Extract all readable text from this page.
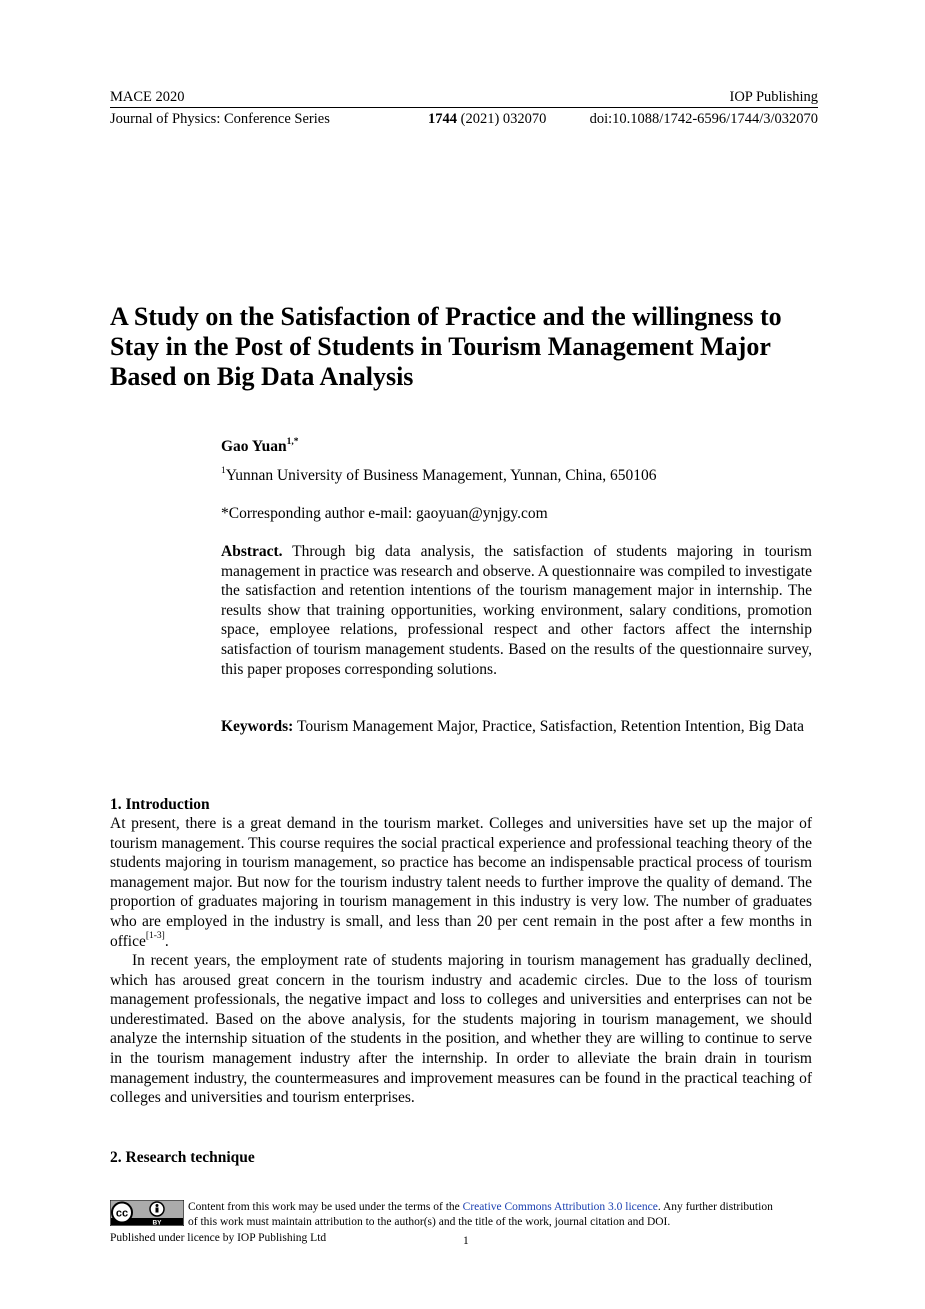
MACE 2020	IOP Publishing
Journal of Physics: Conference Series	1744 (2021) 032070	doi:10.1088/1742-6596/1744/3/032070
A Study on the Satisfaction of Practice and the willingness to Stay in the Post of Students in Tourism Management Major Based on Big Data Analysis
Gao Yuan$^{1,*}$
$^1$Yunnan University of Business Management, Yunnan, China, 650106
*Corresponding author e-mail: gaoyuan@ynjgy.com
Abstract. Through big data analysis, the satisfaction of students majoring in tourism management in practice was research and observe. A questionnaire was compiled to investigate the satisfaction and retention intentions of the tourism management major in internship. The results show that training opportunities, working environment, salary conditions, promotion space, employee relations, professional respect and other factors affect the internship satisfaction of tourism management students. Based on the results of the questionnaire survey, this paper proposes corresponding solutions.
Keywords: Tourism Management Major, Practice, Satisfaction, Retention Intention, Big Data
1. Introduction
At present, there is a great demand in the tourism market. Colleges and universities have set up the major of tourism management. This course requires the social practical experience and professional teaching theory of the students majoring in tourism management, so practice has become an indispensable practical process of tourism management major. But now for the tourism industry talent needs to further improve the quality of demand. The proportion of graduates majoring in tourism management in this industry is very low. The number of graduates who are employed in the industry is small, and less than 20 per cent remain in the post after a few months in office[1-3].
In recent years, the employment rate of students majoring in tourism management has gradually declined, which has aroused great concern in the tourism industry and academic circles. Due to the loss of tourism management professionals, the negative impact and loss to colleges and universities and enterprises can not be underestimated. Based on the above analysis, for the students majoring in tourism management, we should analyze the internship situation of the students in the position, and whether they are willing to continue to serve in the tourism management industry after the internship. In order to alleviate the brain drain in tourism management industry, the countermeasures and improvement measures can be found in the practical teaching of colleges and universities and tourism enterprises.
2. Research technique
cc
BY
Content from this work may be used under the terms of the Creative Commons Attribution 3.0 licence. Any further distribution
of this work must maintain attribution to the author(s) and the title of the work, journal citation and DOI.
Published under licence by IOP Publishing Ltd	1
